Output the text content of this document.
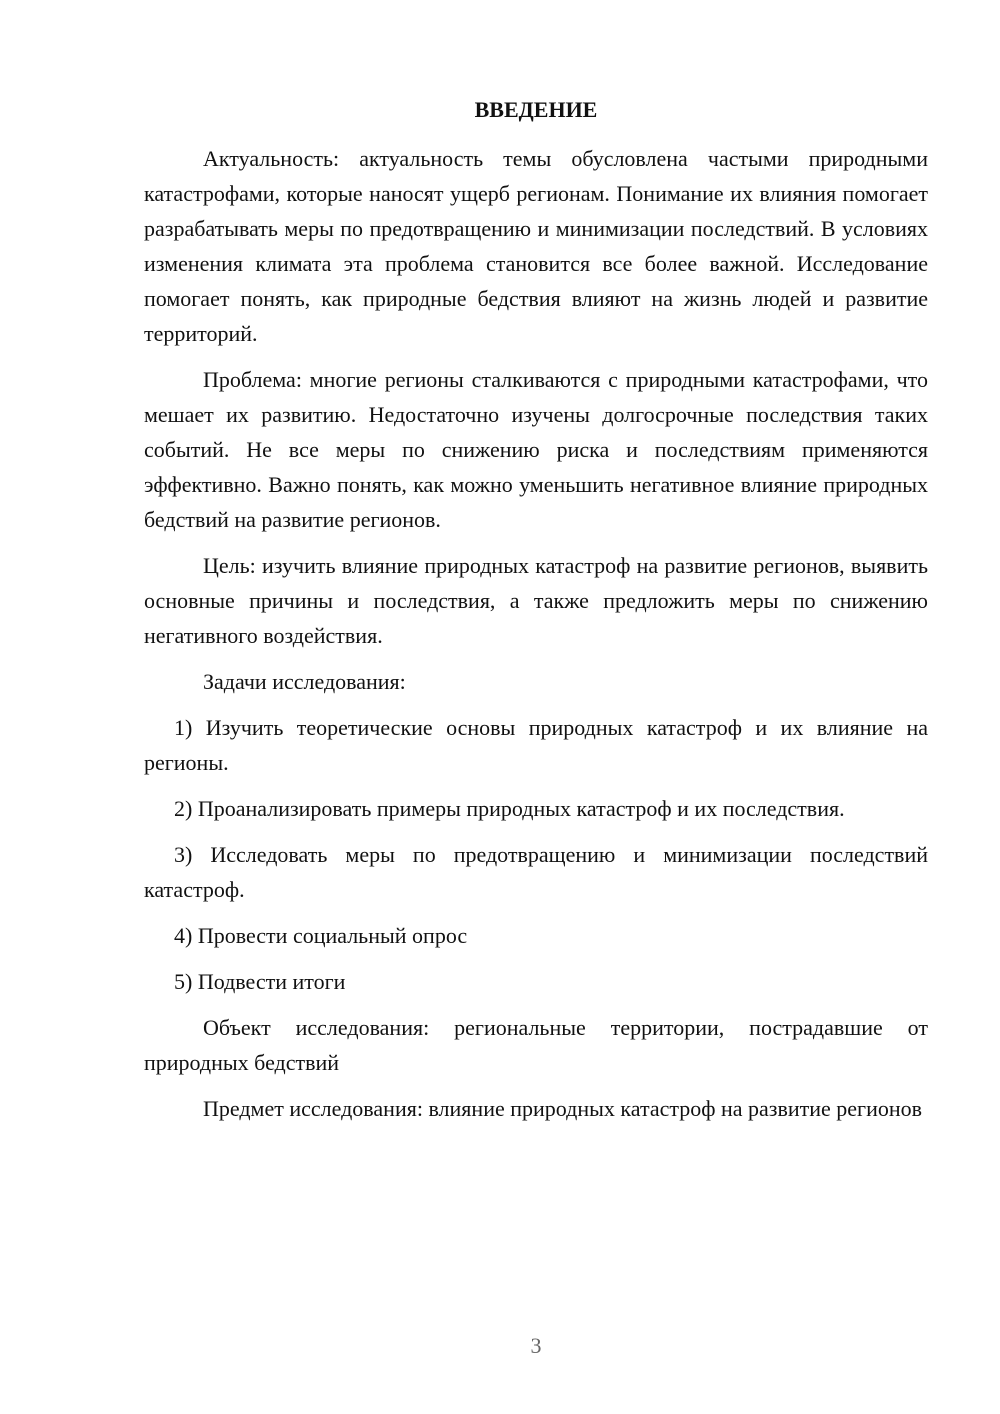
ВВЕДЕНИЕ

Актуальность: актуальность темы обусловлена частыми природными катастрофами, которые наносят ущерб регионам. Понимание их влияния помогает разрабатывать меры по предотвращению и минимизации последствий. В условиях изменения климата эта проблема становится все более важной. Исследование помогает понять, как природные бедствия влияют на жизнь людей и развитие территорий.

Проблема: многие регионы сталкиваются с природными катастрофами, что мешает их развитию. Недостаточно изучены долгосрочные последствия таких событий. Не все меры по снижению риска и последствиям применяются эффективно. Важно понять, как можно уменьшить негативное влияние природных бедствий на развитие регионов.

Цель: изучить влияние природных катастроф на развитие регионов, выявить основные причины и последствия, а также предложить меры по снижению негативного воздействия.

Задачи исследования:

1) Изучить теоретические основы природных катастроф и их влияние на регионы.

2) Проанализировать примеры природных катастроф и их последствия.

3) Исследовать меры по предотвращению и минимизации последствий катастроф.

4) Провести социальный опрос

5) Подвести итоги

Объект исследования: региональные территории, пострадавшие от природных бедствий

Предмет исследования: влияние природных катастроф на развитие регионов

3
